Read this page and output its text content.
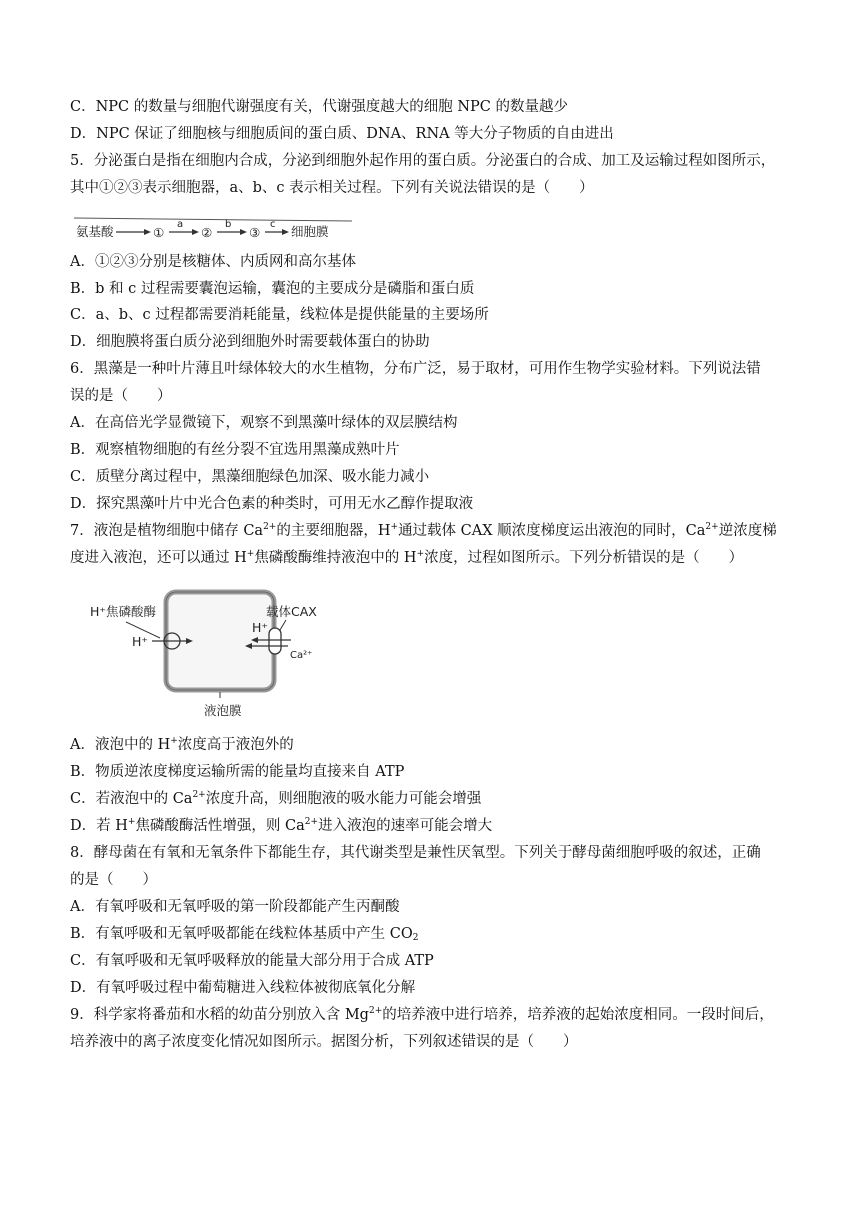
C．NPC 的数量与细胞代谢强度有关，代谢强度越大的细胞 NPC 的数量越少
D．NPC 保证了细胞核与细胞质间的蛋白质、DNA、RNA 等大分子物质的自由进出
5．分泌蛋白是指在细胞内合成，分泌到细胞外起作用的蛋白质。分泌蛋白的合成、加工及运输过程如图所示，
其中①②③表示细胞器，a、b、c 表示相关过程。下列有关说法错误的是（　　）
氨基酸	①
a
②
b
③
c 细胞膜
A．①②③分别是核糖体、内质网和高尔基体
B．b 和 c 过程需要囊泡运输，囊泡的主要成分是磷脂和蛋白质
C．a、b、c 过程都需要消耗能量，线粒体是提供能量的主要场所
D．细胞膜将蛋白质分泌到细胞外时需要载体蛋白的协助
6．黑藻是一种叶片薄且叶绿体较大的水生植物，分布广泛，易于取材，可用作生物学实验材料。下列说法错
误的是（　　）
A．在高倍光学显微镜下，观察不到黑藻叶绿体的双层膜结构
B．观察植物细胞的有丝分裂不宜选用黑藻成熟叶片
C．质壁分离过程中，黑藻细胞绿色加深、吸水能力减小
D．探究黑藻叶片中光合色素的种类时，可用无水乙醇作提取液
7．液泡是植物细胞中储存 $Ca^{2+}$的主要细胞器，H+通过载体 CAX 顺浓度梯度运出液泡的同时，$Ca^{2+}$逆浓度梯
度进入液泡，还可以通过 H+焦磷酸酶维持液泡中的 H+浓度，过程如图所示。下列分析错误的是（　　）
H⁺焦磷酸酶
H⁺
载体CAX
H⁺
Ca²⁺
液泡膜
A．液泡中的 H+浓度高于液泡外的
B．物质逆浓度梯度运输所需的能量均直接来自 ATP
C．若液泡中的 $Ca^{2+}$浓度升高，则细胞液的吸水能力可能会增强
D．若 H+焦磷酸酶活性增强，则 $Ca^{2+}$进入液泡的速率可能会增大
8．酵母菌在有氧和无氧条件下都能生存，其代谢类型是兼性厌氧型。下列关于酵母菌细胞呼吸的叙述，正确
的是（　　）
A．有氧呼吸和无氧呼吸的第一阶段都能产生丙酮酸
B．有氧呼吸和无氧呼吸都能在线粒体基质中产生 $CO_2$
C．有氧呼吸和无氧呼吸释放的能量大部分用于合成 ATP
D．有氧呼吸过程中葡萄糖进入线粒体被彻底氧化分解
9．科学家将番茄和水稻的幼苗分别放入含 $Mg^{2+}$的培养液中进行培养，培养液的起始浓度相同。一段时间后，
培养液中的离子浓度变化情况如图所示。据图分析，下列叙述错误的是（　　）
